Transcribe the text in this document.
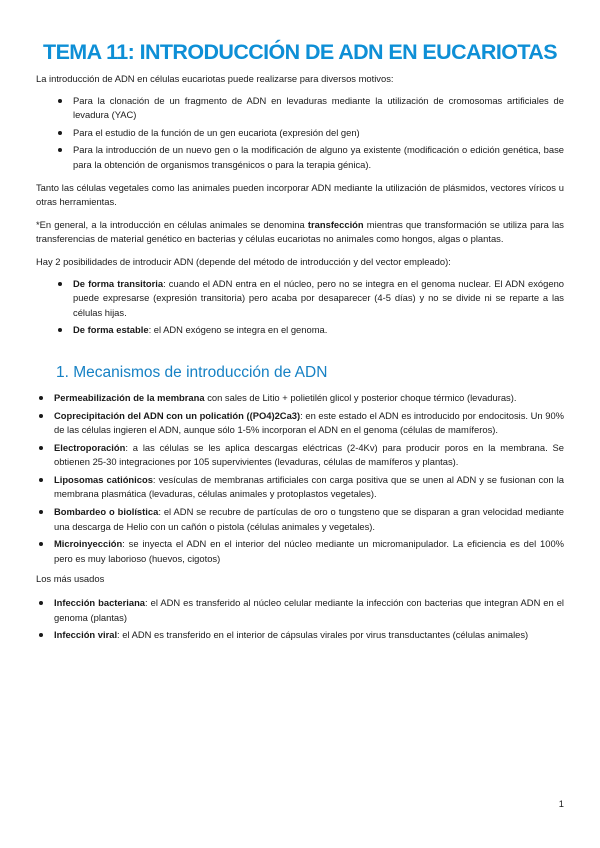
TEMA 11: INTRODUCCIÓN DE ADN EN EUCARIOTAS

La introducción de ADN en células eucariotas puede realizarse para diversos motivos:

Para la clonación de un fragmento de ADN en levaduras mediante la utilización de cromosomas artificiales de levadura (YAC)
Para el estudio de la función de un gen eucariota (expresión del gen)
Para la introducción de un nuevo gen o la modificación de alguno ya existente (modificación o edición genética, base para la obtención de organismos transgénicos o para la terapia génica).

Tanto las células vegetales como las animales pueden incorporar ADN mediante la utilización de plásmidos, vectores víricos u otras herramientas.

*En general, a la introducción en células animales se denomina transfección mientras que transformación se utiliza para las transferencias de material genético en bacterias y células eucariotas no animales como hongos, algas o plantas.

Hay 2 posibilidades de introducir ADN (depende del método de introducción y del vector empleado):

De forma transitoria: cuando el ADN entra en el núcleo, pero no se integra en el genoma nuclear. El ADN exógeno puede expresarse (expresión transitoria) pero acaba por desaparecer (4-5 días) y no se divide ni se reparte a las células hijas.
De forma estable: el ADN exógeno se integra en el genoma.
1. Mecanismos de introducción de ADN
Permeabilización de la membrana con sales de Litio + polietilén glicol y posterior choque térmico (levaduras).
Coprecipitación del ADN con un policatión ((PO4)2Ca3): en este estado el ADN es introducido por endocitosis. Un 90% de las células ingieren el ADN, aunque sólo 1-5% incorporan el ADN en el genoma (células de mamíferos).
Electroporación: a las células se les aplica descargas eléctricas (2-4Kv) para producir poros en la membrana. Se obtienen 25-30 integraciones por 105 supervivientes (levaduras, células de mamíferos y plantas).
Liposomas catiónicos: vesículas de membranas artificiales con carga positiva que se unen al ADN y se fusionan con la membrana plasmática (levaduras, células animales y protoplastos vegetales).
Bombardeo o biolística: el ADN se recubre de partículas de oro o tungsteno que se disparan a gran velocidad mediante una descarga de Helio con un cañón o pistola (células animales y vegetales).
Microinyección: se inyecta el ADN en el interior del núcleo mediante un micromanipulador. La eficiencia es del 100% pero es muy laborioso (huevos, cigotos)

Los más usados

Infección bacteriana: el ADN es transferido al núcleo celular mediante la infección con bacterias que integran ADN en el genoma (plantas)
Infección viral: el ADN es transferido en el interior de cápsulas virales por virus transductantes (células animales)
1
